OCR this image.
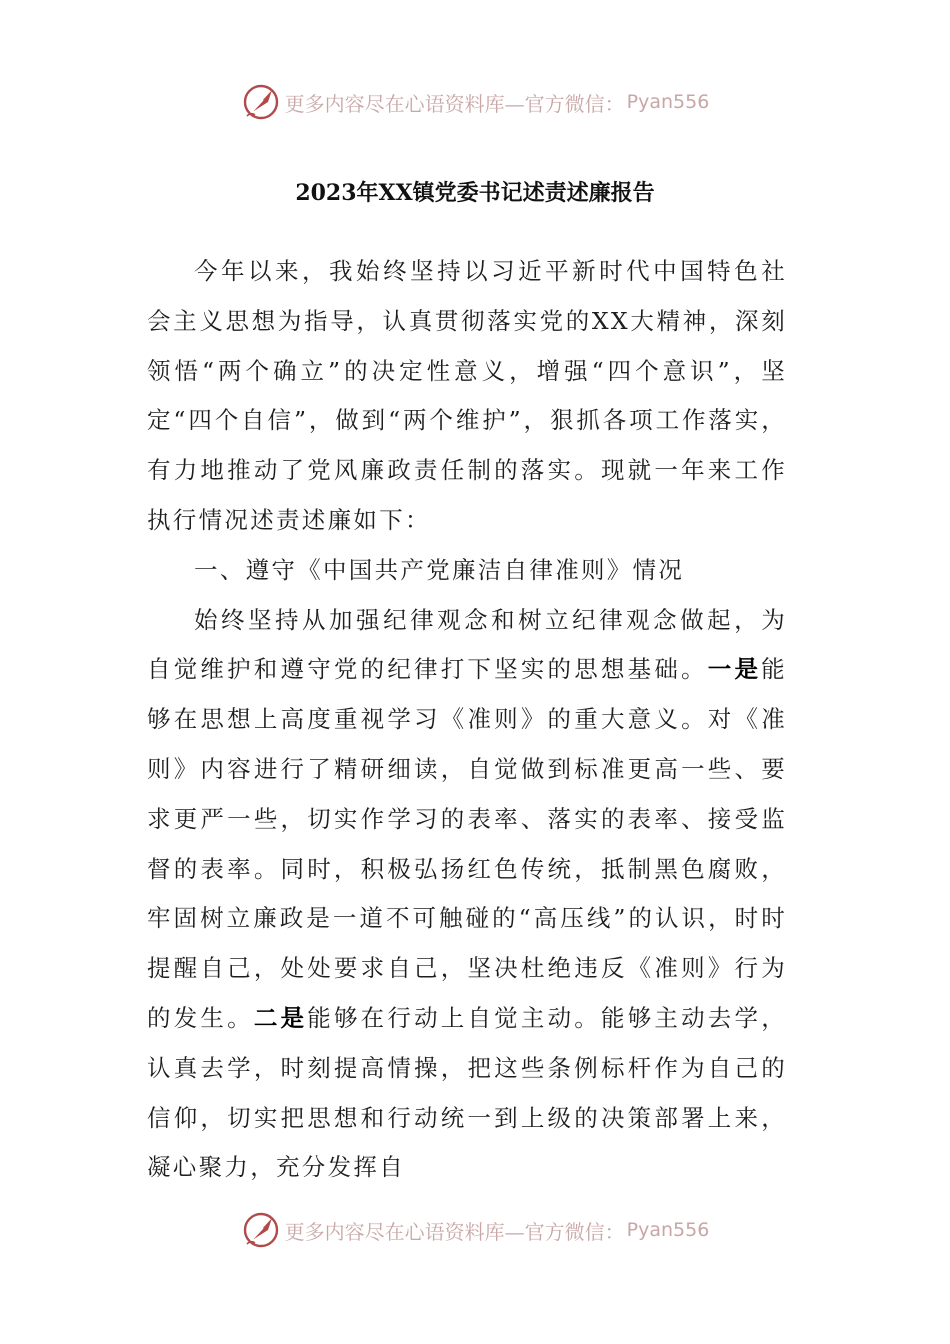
更多内容尽在心语资料库—官方微信： Pyan556
2023年XX镇党委书记述责述廉报告

今年以来，我始终坚持以习近平新时代中国特色社会主义思想为指导，认真贯彻落实党的XX大精神，深刻领悟“两个确立”的决定性意义，增强“四个意识”，坚定“四个自信”，做到“两个维护”，狠抓各项工作落实，有力地推动了党风廉政责任制的落实。现就一年来工作执行情况述责述廉如下：

一、遵守《中国共产党廉洁自律准则》情况

始终坚持从加强纪律观念和树立纪律观念做起，为自觉维护和遵守党的纪律打下坚实的思想基础。一是能够在思想上高度重视学习《准则》的重大意义。对《准则》内容进行了精研细读，自觉做到标准更高一些、要求更严一些，切实作学习的表率、落实的表率、接受监督的表率。同时，积极弘扬红色传统，抵制黑色腐败，牢固树立廉政是一道不可触碰的“高压线”的认识，时时提醒自己，处处要求自己，坚决杜绝违反《准则》行为的发生。二是能够在行动上自觉主动。能够主动去学，认真去学，时刻提高情操，把这些条例标杆作为自己的信仰，切实把思想和行动统一到上级的决策部署上来，凝心聚力，充分发挥自

更多内容尽在心语资料库—官方微信： Pyan556
